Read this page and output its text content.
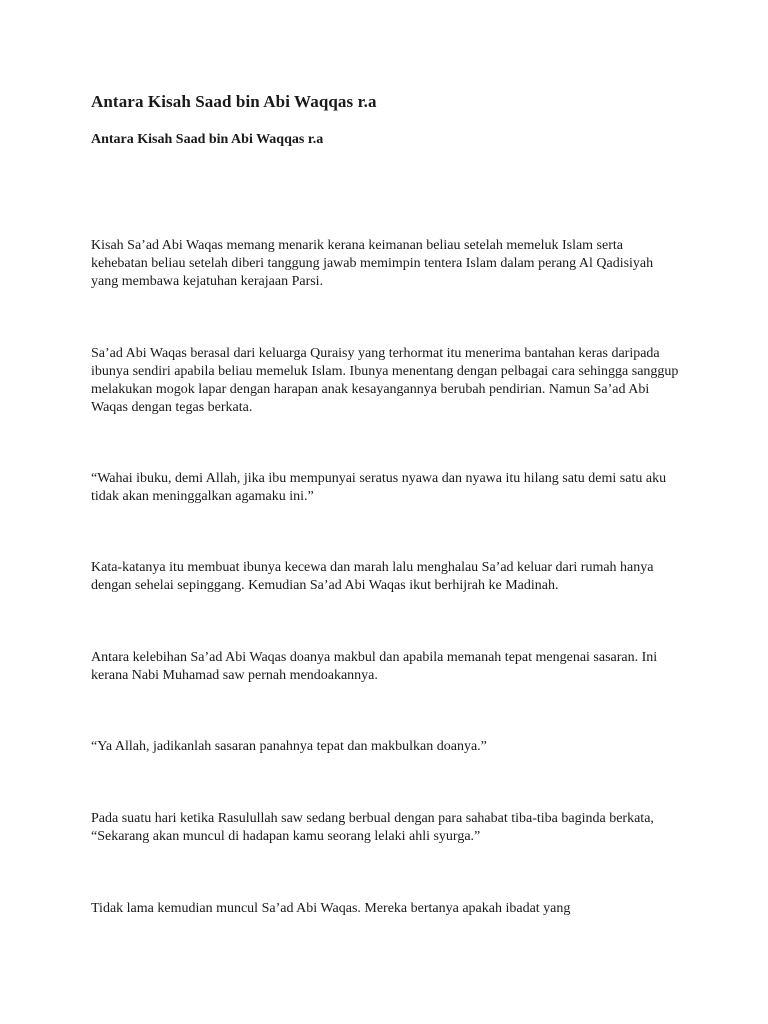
Antara Kisah Saad bin Abi Waqqas r.a
Antara Kisah Saad bin Abi Waqqas r.a

Kisah Sa’ad Abi Waqas memang menarik kerana keimanan beliau setelah memeluk Islam serta kehebatan beliau setelah diberi tanggung jawab memimpin tentera Islam dalam perang Al Qadisiyah yang membawa kejatuhan kerajaan Parsi.

Sa’ad Abi Waqas berasal dari keluarga Quraisy yang terhormat itu menerima bantahan keras daripada ibunya sendiri apabila beliau memeluk Islam. Ibunya menentang dengan pelbagai cara sehingga sanggup melakukan mogok lapar dengan harapan anak kesayangannya berubah pendirian. Namun Sa’ad Abi Waqas dengan tegas berkata.

“Wahai ibuku, demi Allah, jika ibu mempunyai seratus nyawa dan nyawa itu hilang satu demi satu aku tidak akan meninggalkan agamaku ini.”

Kata-katanya itu membuat ibunya kecewa dan marah lalu menghalau Sa’ad keluar dari rumah hanya dengan sehelai sepinggang. Kemudian Sa’ad Abi Waqas ikut berhijrah ke Madinah.

Antara kelebihan Sa’ad Abi Waqas doanya makbul dan apabila memanah tepat mengenai sasaran. Ini kerana Nabi Muhamad saw pernah mendoakannya.

“Ya Allah, jadikanlah sasaran panahnya tepat dan makbulkan doanya.”

Pada suatu hari ketika Rasulullah saw sedang berbual dengan para sahabat tiba-tiba baginda berkata, “Sekarang akan muncul di hadapan kamu seorang lelaki ahli syurga.”

Tidak lama kemudian muncul Sa’ad Abi Waqas. Mereka bertanya apakah ibadat yang
